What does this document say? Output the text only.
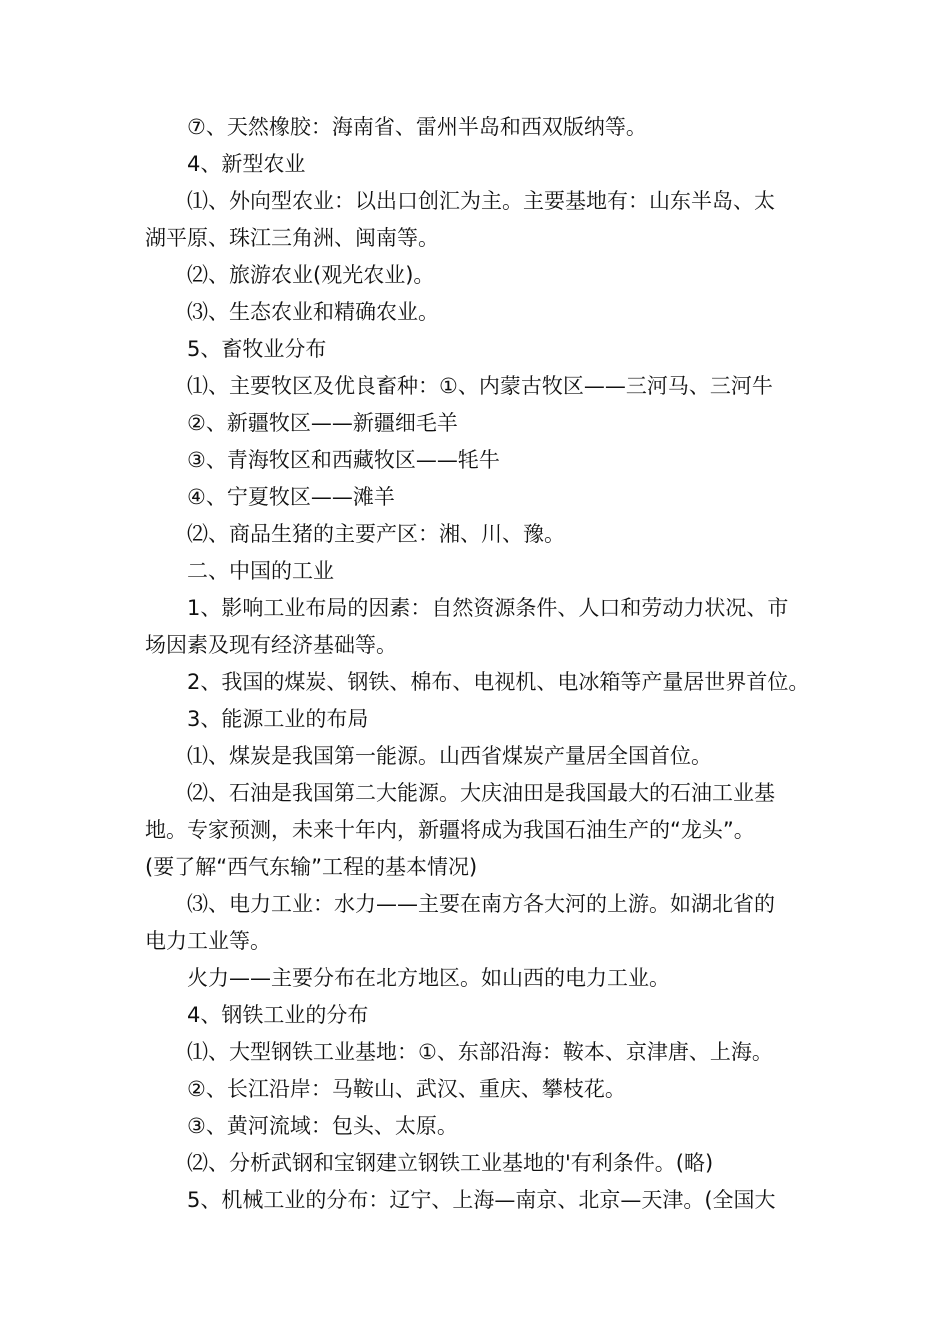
⑦、天然橡胶：海南省、雷州半岛和西双版纳等。

4、新型农业

⑴、外向型农业：以出口创汇为主。主要基地有：山东半岛、太

湖平原、珠江三角洲、闽南等。

⑵、旅游农业(观光农业)。

⑶、生态农业和精确农业。

5、畜牧业分布

⑴、主要牧区及优良畜种：①、内蒙古牧区——三河马、三河牛

②、新疆牧区——新疆细毛羊

③、青海牧区和西藏牧区——牦牛

④、宁夏牧区——滩羊

⑵、商品生猪的主要产区：湘、川、豫。

二、中国的工业

1、影响工业布局的因素：自然资源条件、人口和劳动力状况、市

场因素及现有经济基础等。

2、我国的煤炭、钢铁、棉布、电视机、电冰箱等产量居世界首位。

3、能源工业的布局

⑴、煤炭是我国第一能源。山西省煤炭产量居全国首位。

⑵、石油是我国第二大能源。大庆油田是我国最大的石油工业基

地。专家预测，未来十年内，新疆将成为我国石油生产的“龙头”。

(要了解“西气东输”工程的基本情况)

⑶、电力工业：水力——主要在南方各大河的上游。如湖北省的

电力工业等。

火力——主要分布在北方地区。如山西的电力工业。

4、钢铁工业的分布

⑴、大型钢铁工业基地：①、东部沿海：鞍本、京津唐、上海。

②、长江沿岸：马鞍山、武汉、重庆、攀枝花。

③、黄河流域：包头、太原。

⑵、分析武钢和宝钢建立钢铁工业基地的'有利条件。(略)

5、机械工业的分布：辽宁、上海—南京、北京—天津。(全国大
